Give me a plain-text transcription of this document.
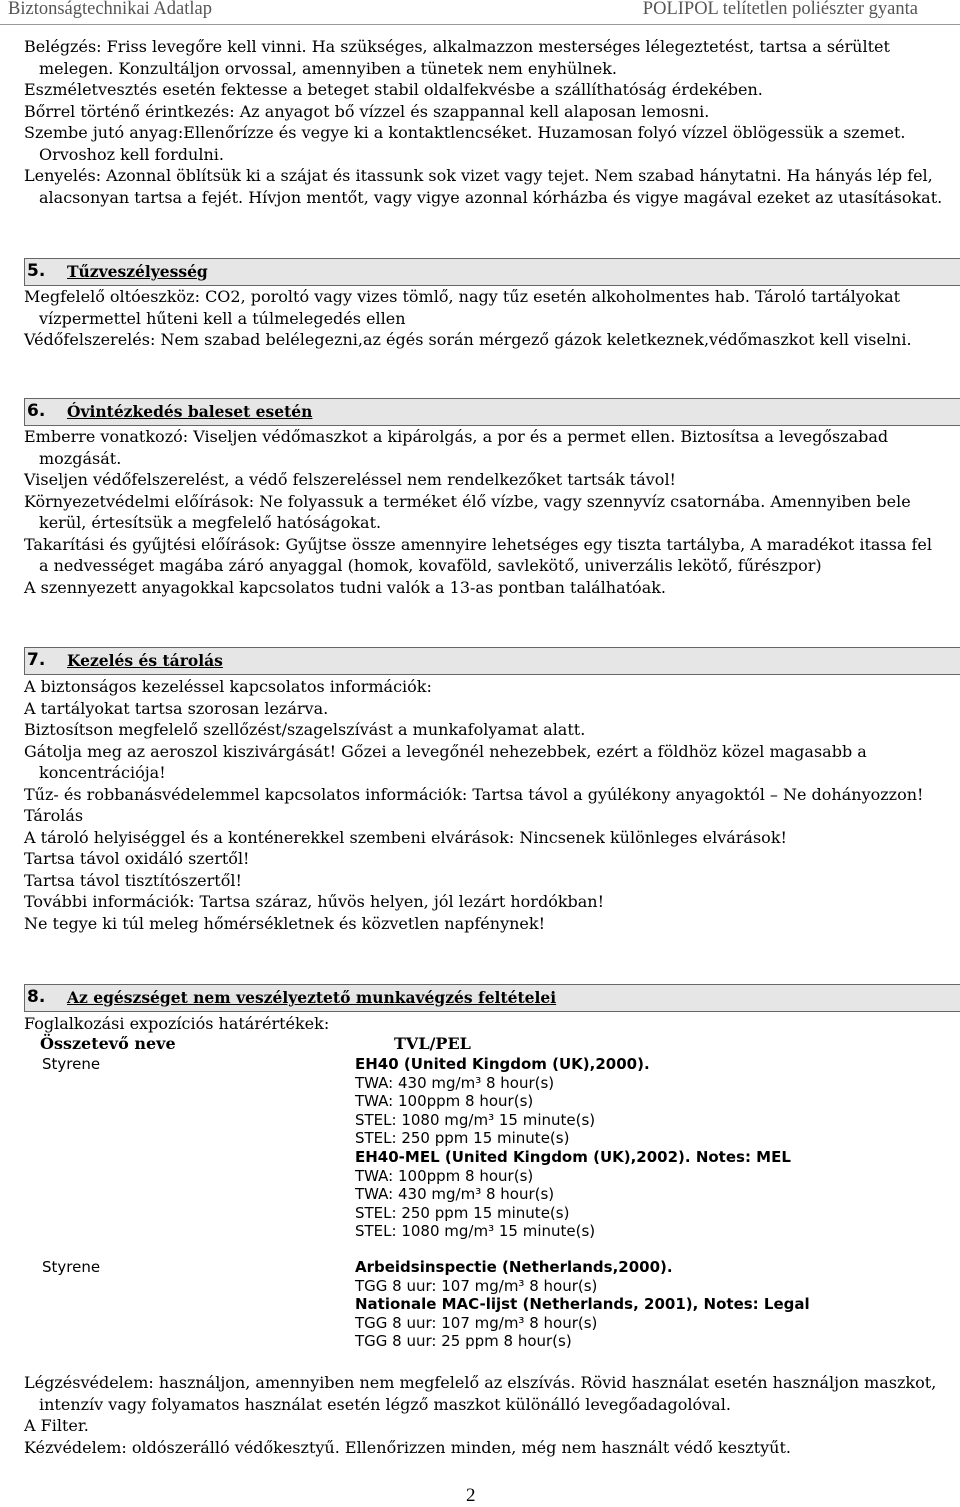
Biztonságtechnikai Adatlap	POLIPOL telítetlen poliészter gyanta
Belégzés: Friss levegőre kell vinni. Ha szükséges, alkalmazzon mesterséges lélegeztetést, tartsa a sérültet melegen. Konzultáljon orvossal, amennyiben a tünetek nem enyhülnek.
Eszméletvesztés esetén fektesse a beteget stabil oldalfekvésbe a szállíthatóság érdekében.
Bőrrel történő érintkezés: Az anyagot bő vízzel és szappannal kell alaposan lemosni.
Szembe jutó anyag:Ellenőrízze és vegye ki a kontaktlencséket. Huzamosan folyó vízzel öblögessük a szemet. Orvoshoz kell fordulni.
Lenyelés: Azonnal öblítsük ki a szájat és itassunk sok vizet vagy tejet. Nem szabad hánytatni. Ha hányás lép fel, alacsonyan tartsa a fejét. Hívjon mentőt, vagy vigye azonnal kórházba és vigye magával ezeket az utasításokat.
5. Tűzveszélyesség
Megfelelő oltóeszköz: CO2, poroltó vagy vizes tömlő, nagy tűz esetén alkoholmentes hab. Tároló tartályokat vízpermettel hűteni kell a túlmelegedés ellen
Védőfelszerelés: Nem szabad belélegezni,az égés során mérgező gázok keletkeznek,védőmaszkot kell viselni.
6. Óvintézkedés baleset esetén
Emberre vonatkozó: Viseljen védőmaszkot a kipárolgás, a por és a permet ellen. Biztosítsa a levegőszabad mozgását.
Viseljen védőfelszerelést, a védő felszereléssel nem rendelkezőket tartsák távol!
Környezetvédelmi előírások: Ne folyassuk a terméket élő vízbe, vagy szennyvíz csatornába. Amennyiben bele kerül, értesítsük a megfelelő hatóságokat.
Takarítási és gyűjtési előírások: Gyűjtse össze amennyire lehetséges egy tiszta tartályba, A maradékot itassa fel a nedvességet magába záró anyaggal (homok, kovaföld, savlekötő, univerzális lekötő, fűrészpor)
A szennyezett anyagokkal kapcsolatos tudni valók a 13-as pontban találhatóak.
7. Kezelés és tárolás
A biztonságos kezeléssel kapcsolatos információk:
A tartályokat tartsa szorosan lezárva.
Biztosítson megfelelő szellőzést/szagelszívást a munkafolyamat alatt.
Gátolja meg az aeroszol kiszivárgását! Gőzei a levegőnél nehezebbek, ezért a földhöz közel magasabb a koncentrációja!
Tűz- és robbanásvédelemmel kapcsolatos információk: Tartsa távol a gyúlékony anyagoktól – Ne dohányozzon!
Tárolás
A tároló helyiséggel és a konténerekkel szembeni elvárások: Nincsenek különleges elvárások!
Tartsa távol oxidáló szertől!
Tartsa távol tisztítószertől!
További információk: Tartsa száraz, hűvös helyen, jól lezárt hordókban!
Ne tegye ki túl meleg hőmérsékletnek és közvetlen napfénynek!
8. Az egészséget nem veszélyeztető munkavégzés feltételei
Foglalkozási expozíciós határértékek:
Összetevő neve	TVL/PEL
Styrene	EH40 (United Kingdom (UK),2000).
TWA: 430 mg/m³ 8 hour(s)
TWA: 100ppm 8 hour(s)
STEL: 1080 mg/m³ 15 minute(s)
STEL: 250 ppm 15 minute(s)
EH40-MEL (United Kingdom (UK),2002). Notes: MEL
TWA: 100ppm 8 hour(s)
TWA: 430 mg/m³ 8 hour(s)
STEL: 250 ppm 15 minute(s)
STEL: 1080 mg/m³ 15 minute(s)
Styrene	Arbeidsinspectie (Netherlands,2000).
TGG 8 uur: 107 mg/m³ 8 hour(s)
Nationale MAC-lijst (Netherlands, 2001), Notes: Legal
TGG 8 uur: 107 mg/m³ 8 hour(s)
TGG 8 uur: 25 ppm 8 hour(s)
Légzésvédelem: használjon, amennyiben nem megfelelő az elszívás. Rövid használat esetén használjon maszkot, intenzív vagy folyamatos használat esetén légző maszkot különálló levegőadagolóval.
A Filter.
Kézvédelem: oldószerálló védőkesztyű. Ellenőrizzen minden, még nem használt védő kesztyűt.
2
